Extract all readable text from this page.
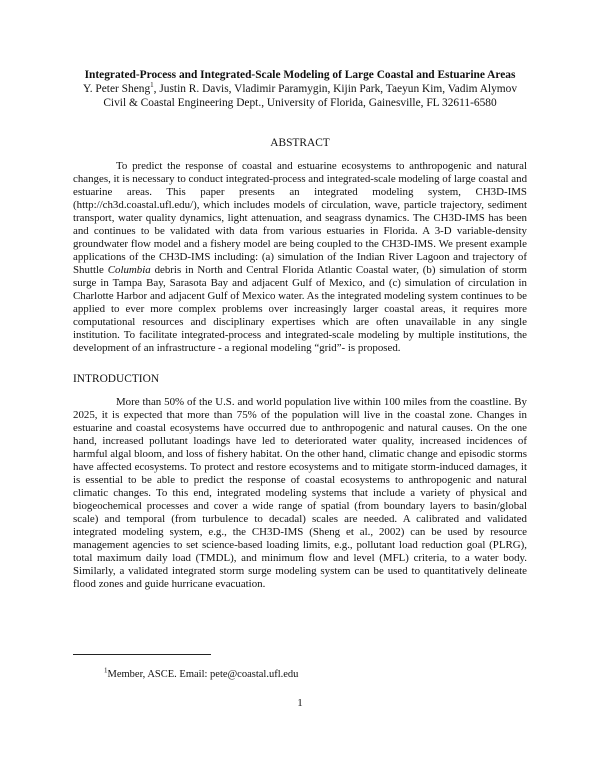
Integrated-Process and Integrated-Scale Modeling of Large Coastal and Estuarine Areas

Y. Peter Sheng$^1$, Justin R. Davis, Vladimir Paramygin, Kijin Park, Taeyun Kim, Vadim Alymov

Civil & Coastal Engineering Dept., University of Florida, Gainesville, FL 32611-6580

ABSTRACT

To predict the response of coastal and estuarine ecosystems to anthropogenic and natural changes, it is necessary to conduct integrated-process and integrated-scale modeling of large coastal and estuarine areas. This paper presents an integrated modeling system, CH3D-IMS (http://ch3d.coastal.ufl.edu/), which includes models of circulation, wave, particle trajectory, sediment transport, water quality dynamics, light attenuation, and seagrass dynamics. The CH3D-IMS has been and continues to be validated with data from various estuaries in Florida. A 3-D variable-density groundwater flow model and a fishery model are being coupled to the CH3D-IMS. We present example applications of the CH3D-IMS including: (a) simulation of the Indian River Lagoon and trajectory of Shuttle Columbia debris in North and Central Florida Atlantic Coastal water, (b) simulation of storm surge in Tampa Bay, Sarasota Bay and adjacent Gulf of Mexico, and (c) simulation of circulation in Charlotte Harbor and adjacent Gulf of Mexico water. As the integrated modeling system continues to be applied to ever more complex problems over increasingly larger coastal areas, it requires more computational resources and disciplinary expertises which are often unavailable in any single institution. To facilitate integrated-process and integrated-scale modeling by multiple institutions, the development of an infrastructure - a regional modeling “grid”- is proposed.

INTRODUCTION

More than 50% of the U.S. and world population live within 100 miles from the coastline. By 2025, it is expected that more than 75% of the population will live in the coastal zone. Changes in estuarine and coastal ecosystems have occurred due to anthropogenic and natural causes. On the one hand, increased pollutant loadings have led to deteriorated water quality, increased incidences of harmful algal bloom, and loss of fishery habitat. On the other hand, climatic change and episodic storms have affected ecosystems. To protect and restore ecosystems and to mitigate storm-induced damages, it is essential to be able to predict the response of coastal ecosystems to anthropogenic and natural climatic changes. To this end, integrated modeling systems that include a variety of physical and biogeochemical processes and cover a wide range of spatial (from boundary layers to basin/global scale) and temporal (from turbulence to decadal) scales are needed. A calibrated and validated integrated modeling system, e.g., the CH3D-IMS (Sheng et al., 2002) can be used by resource management agencies to set science-based loading limits, e.g., pollutant load reduction goal (PLRG), total maximum daily load (TMDL), and minimum flow and level (MFL) criteria, to a water body. Similarly, a validated integrated storm surge modeling system can be used to quantitatively delineate flood zones and guide hurricane evacuation.

$^1$Member, ASCE. Email: pete@coastal.ufl.edu

1
